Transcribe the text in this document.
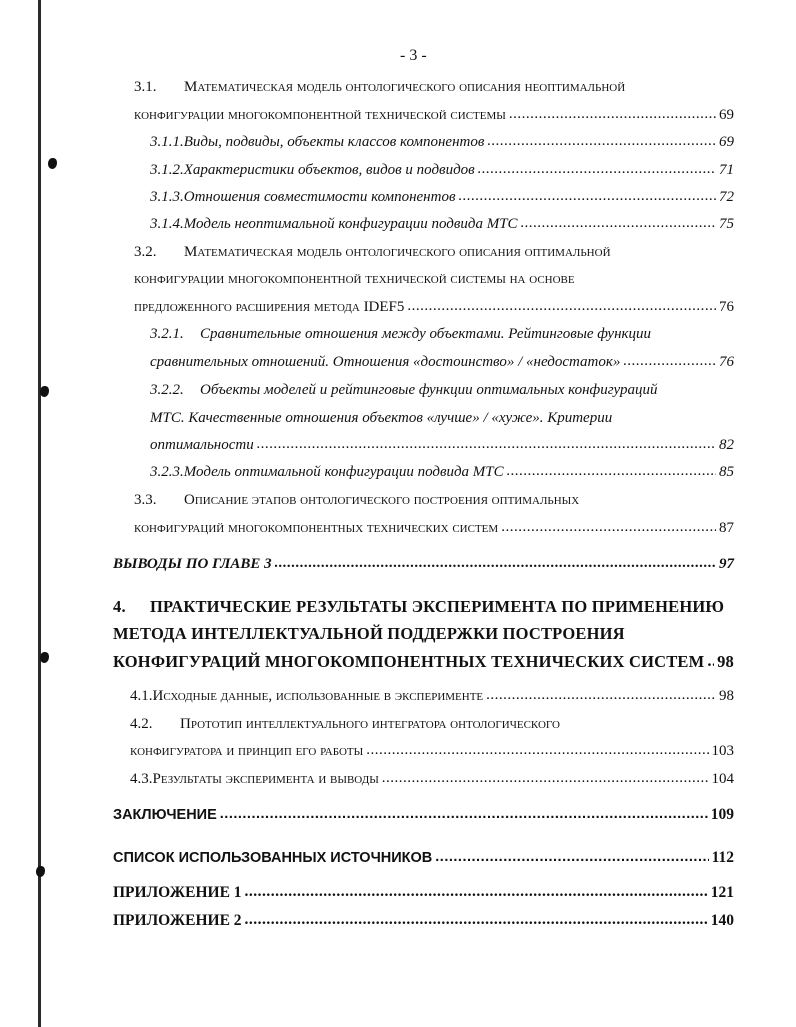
- 3 -
3.1. Математическая модель онтологического описания неоптимальной
конфигурации многокомпонентной технической системы .....	69
3.1.1. Виды, подвиды, объекты классов компонентов .....	69
3.1.2. Характеристики объектов, видов и подвидов .....	71
3.1.3. Отношения совместимости компонентов .....	72
3.1.4. Модель неоптимальной конфигурации подвида МТС .....	75
3.2. Математическая модель онтологического описания оптимальной
конфигурации многокомпонентной технической системы на основе
предложенного расширения метода IDEF5 .....	76
3.2.1. Сравнительные отношения между объектами. Рейтинговые функции
сравнительных отношений. Отношения «достоинство» / «недостаток» .....	76
3.2.2. Объекты моделей и рейтинговые функции оптимальных конфигураций
МТС. Качественные отношения объектов «лучше» / «хуже». Критерии
оптимальности .....	82
3.2.3. Модель оптимальной конфигурации подвида МТС .....	85
3.3. Описание этапов онтологического построения оптимальных
конфигураций многокомпонентных технических систем .....	87
ВЫВОДЫ ПО ГЛАВЕ 3 .....	97
4. ПРАКТИЧЕСКИЕ РЕЗУЛЬТАТЫ ЭКСПЕРИМЕНТА ПО ПРИМЕНЕНИЮ
МЕТОДА ИНТЕЛЛЕКТУАЛЬНОЙ ПОДДЕРЖКИ ПОСТРОЕНИЯ
КОНФИГУРАЦИЙ МНОГОКОМПОНЕНТНЫХ ТЕХНИЧЕСКИХ СИСТЕМ ..... 98
4.1. Исходные данные, использованные в эксперименте .....	98
4.2. Прототип интеллектуального интегратора онтологического
конфигуратора и принцип его работы .....	103
4.3. Результаты эксперимента и выводы .....	104
ЗАКЛЮЧЕНИЕ .....	109
СПИСОК ИСПОЛЬЗОВАННЫХ ИСТОЧНИКОВ .....	112
ПРИЛОЖЕНИЕ 1 .....	121
ПРИЛОЖЕНИЕ 2 .....	140
